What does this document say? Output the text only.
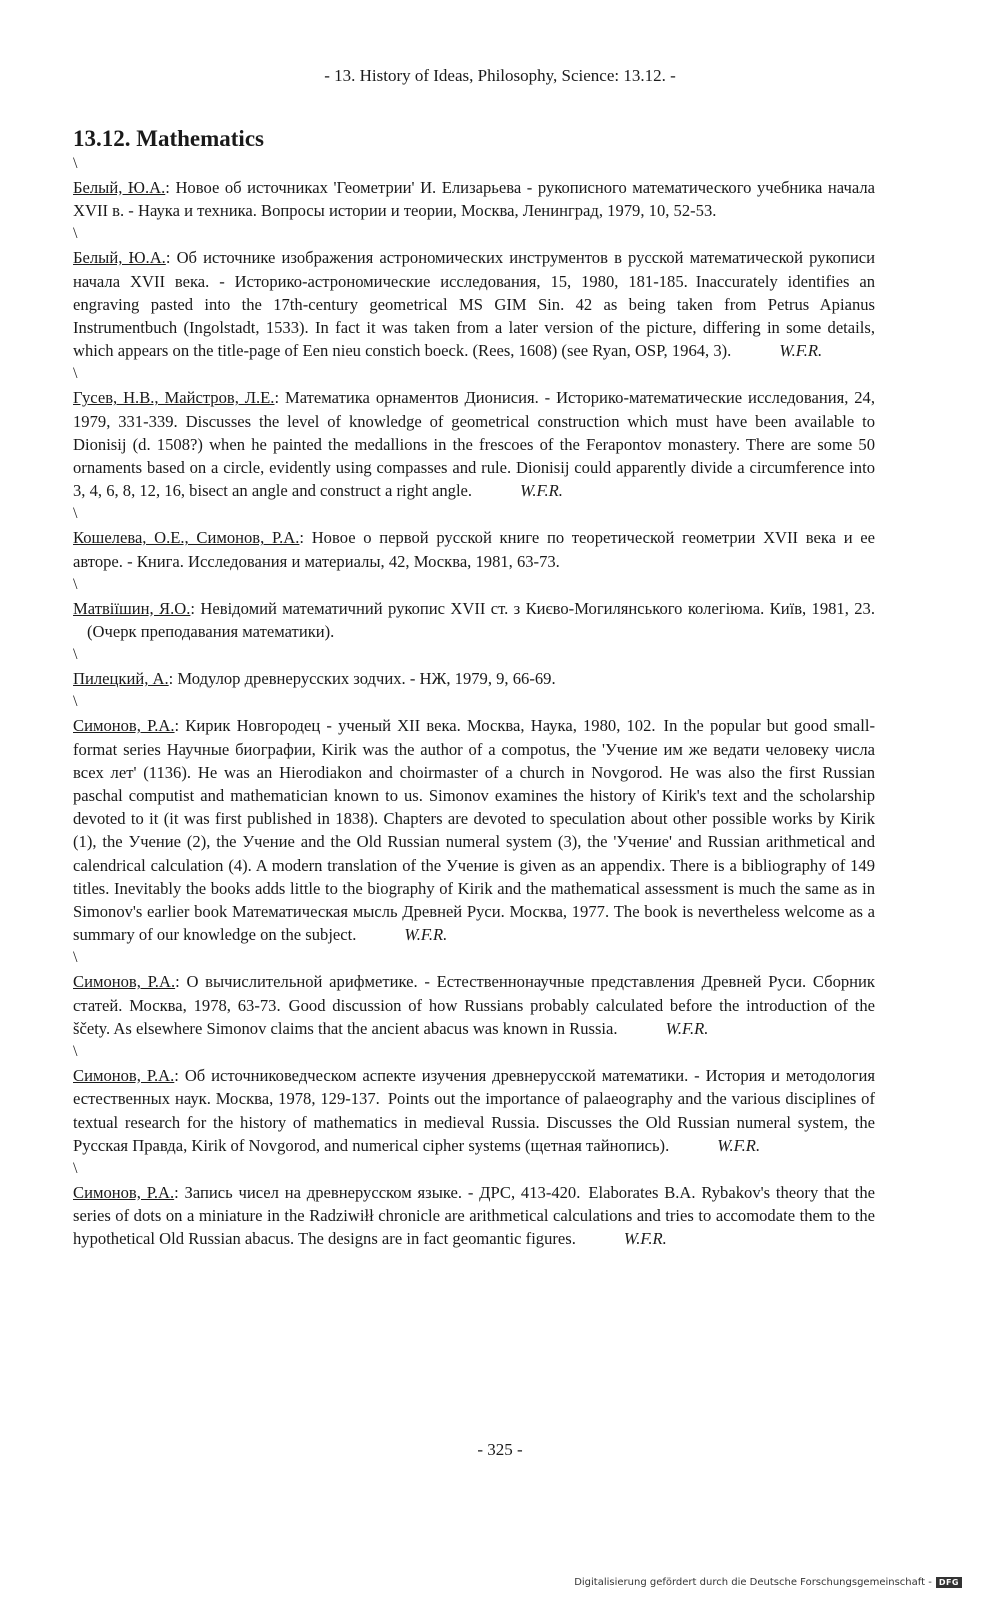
- 13. History of Ideas, Philosophy, Science: 13.12. -
13.12. Mathematics
\

Белый, Ю.А.: Новое об источниках 'Геометрии' И. Елизарьева - рукописного математического учебника начала XVII в. - Наука и техника. Вопросы истории и теории, Москва, Ленинград, 1979, 10, 52-53.

\

Белый, Ю.А.: Об источнике изображения астрономических инструментов в русской математической рукописи начала XVII века. - Историко-астрономические исследования, 15, 1980, 181-185. Inaccurately identifies an engraving pasted into the 17th-century geometrical MS GIM Sin. 42 as being taken from Petrus Apianus Instrumentbuch (Ingolstadt, 1533). In fact it was taken from a later version of the picture, differing in some details, which appears on the title-page of Een nieu constich boeck. (Rees, 1608) (see Ryan, OSP, 1964, 3).	W.F.R.

\

Гусев, Н.В., Майстров, Л.Е.: Математика орнаментов Дионисия. - Историко-математические исследования, 24, 1979, 331-339. Discusses the level of knowledge of geometrical construction which must have been available to Dionisij (d. 1508?) when he painted the medallions in the frescoes of the Ferapontov monastery. There are some 50 ornaments based on a circle, evidently using compasses and rule. Dionisij could apparently divide a circumference into 3, 4, 6, 8, 12, 16, bisect an angle and construct a right angle.	W.F.R.

\

Кошелева, О.Е., Симонов, Р.А.: Новое о первой русской книге по теоретической геометрии XVII века и ее авторе. - Книга. Исследования и материалы, 42, Москва, 1981, 63-73.

\

Матвіїшин, Я.О.: Невідомий математичний рукопис XVII ст. з Києво-Могилянського колегіюма. Київ, 1981, 23.(Очерк преподавания математики).

\

Пилецкий, А.: Модулор древнерусских зодчих. - НЖ, 1979, 9, 66-69.

\

Симонов, Р.А.: Кирик Новгородец - ученый XII века. Москва, Наука, 1980, 102. In the popular but good small-format series Научные биографии, Kirik was the author of a compotus, the 'Учение им же ведати человеку числа всех лет' (1136). He was an Hierodiakon and choirmaster of a church in Novgorod. He was also the first Russian paschal computist and mathematician known to us. Simonov examines the history of Kirik's text and the scholarship devoted to it (it was first published in 1838). Chapters are devoted to speculation about other possible works by Kirik (1), the Учение (2), the Учение and the Old Russian numeral system (3), the 'Учение' and Russian arithmetical and calendrical calculation (4). A modern translation of the Учение is given as an appendix. There is a bibliography of 149 titles. Inevitably the books adds little to the biography of Kirik and the mathematical assessment is much the same as in Simonov's earlier book Математическая мысль Древней Руси. Москва, 1977. The book is nevertheless welcome as a summary of our knowledge on the subject.	W.F.R.

\

Симонов, Р.А.: О вычислительной арифметике. - Естественнонаучные представления Древней Руси. Сборник статей. Москва, 1978, 63-73. Good discussion of how Russians probably calculated before the introduction of the ščety. As elsewhere Simonov claims that the ancient abacus was known in Russia.	W.F.R.

\

Симонов, Р.А.: Об источниковедческом аспекте изучения древнерусской математики. - История и методология естественных наук. Москва, 1978, 129-137. Points out the importance of palaeography and the various disciplines of textual research for the history of mathematics in medieval Russia. Discusses the Old Russian numeral system, the Русская Правда, Kirik of Novgorod, and numerical cipher systems (щетная тайнопись).	W.F.R.

\

Симонов, Р.А.: Запись чисел на древнерусском языке. - ДРС, 413-420. Elaborates B.A. Rybakov's theory that the series of dots on a miniature in the Radziwiłł chronicle are arithmetical calculations and tries to accomodate them to the hypothetical Old Russian abacus. The designs are in fact geomantic figures.	W.F.R.

- 325 -
Digitalisierung gefördert durch die Deutsche Forschungsgemeinschaft - DFG
